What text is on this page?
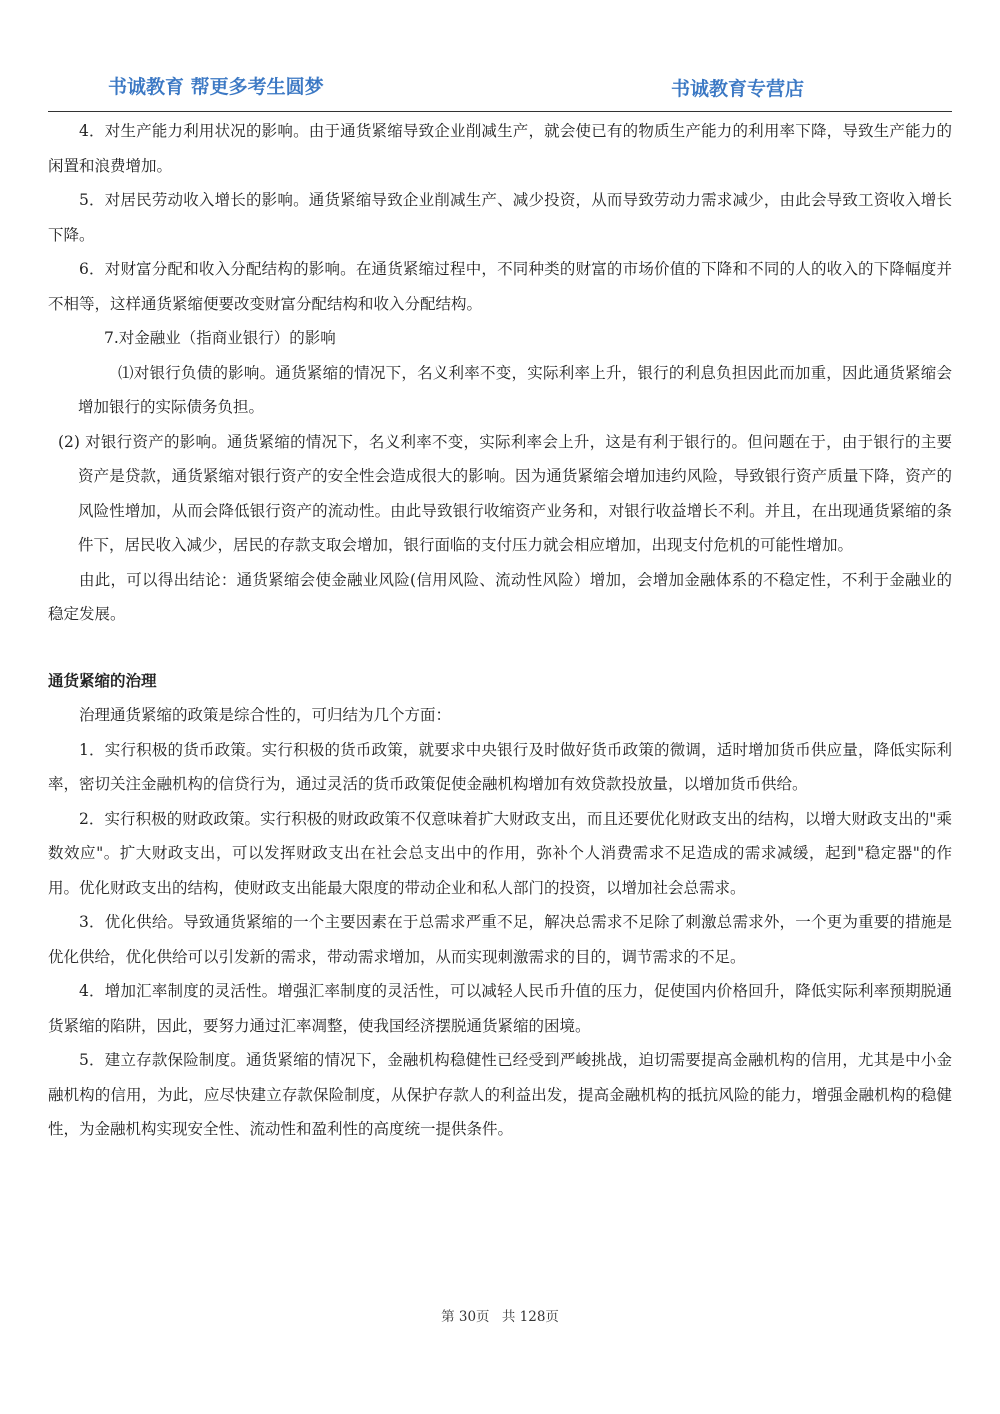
书诚教育 帮更多考生圆梦	书诚教育专营店

4．对生产能力利用状况的影响。由于通货紧缩导致企业削减生产，就会使已有的物质生产能力的利用率下降，导致生产能力的闲置和浪费增加。

5．对居民劳动收入增长的影响。通货紧缩导致企业削减生产、减少投资，从而导致劳动力需求减少，由此会导致工资收入增长下降。

6．对财富分配和收入分配结构的影响。在通货紧缩过程中，不同种类的财富的市场价值的下降和不同的人的收入的下降幅度并不相等，这样通货紧缩便要改变财富分配结构和收入分配结构。

7.对金融业（指商业银行）的影响

⑴对银行负债的影响。通货紧缩的情况下，名义利率不变，实际利率上升，银行的利息负担因此而加重，因此通货紧缩会增加银行的实际债务负担。

(2) 对银行资产的影响。通货紧缩的情况下，名义利率不变，实际利率会上升，这是有利于银行的。但问题在于，由于银行的主要资产是贷款，通货紧缩对银行资产的安全性会造成很大的影响。因为通货紧缩会增加违约风险，导致银行资产质量下降，资产的风险性增加，从而会降低银行资产的流动性。由此导致银行收缩资产业务和，对银行收益增长不利。并且，在出现通货紧缩的条件下，居民收入减少，居民的存款支取会增加，银行面临的支付压力就会相应增加，出现支付危机的可能性增加。

由此，可以得出结论：通货紧缩会使金融业风险(信用风险、流动性风险）增加，会增加金融体系的不稳定性，不利于金融业的稳定发展。

通货紧缩的治理

治理通货紧缩的政策是综合性的，可归结为几个方面：

1．实行积极的货币政策。实行积极的货币政策，就要求中央银行及时做好货币政策的微调，适时增加货币供应量，降低实际利率，密切关注金融机构的信贷行为，通过灵活的货币政策促使金融机构增加有效贷款投放量，以增加货币供给。

2．实行积极的财政政策。实行积极的财政政策不仅意味着扩大财政支出，而且还要优化财政支出的结构，以增大财政支出的"乘数效应"。扩大财政支出，可以发挥财政支出在社会总支出中的作用，弥补个人消费需求不足造成的需求减缓，起到"稳定器"的作用。优化财政支出的结构，使财政支出能最大限度的带动企业和私人部门的投资，以增加社会总需求。

3．优化供给。导致通货紧缩的一个主要因素在于总需求严重不足，解决总需求不足除了刺激总需求外，一个更为重要的措施是优化供给，优化供给可以引发新的需求，带动需求增加，从而实现刺激需求的目的，调节需求的不足。

4．增加汇率制度的灵活性。增强汇率制度的灵活性，可以减轻人民币升值的压力，促使国内价格回升，降低实际利率预期脱通货紧缩的陷阱，因此，要努力通过汇率凋整，使我国经济摆脱通货紧缩的困境。

5．建立存款保险制度。通货紧缩的情况下，金融机构稳健性已经受到严峻挑战，迫切需要提高金融机构的信用，尤其是中小金融机构的信用，为此，应尽快建立存款保险制度，从保护存款人的利益出发，提高金融机构的抵抗风险的能力，增强金融机构的稳健性，为金融机构实现安全性、流动性和盈利性的高度统一提供条件。

第 30页 共 128页
